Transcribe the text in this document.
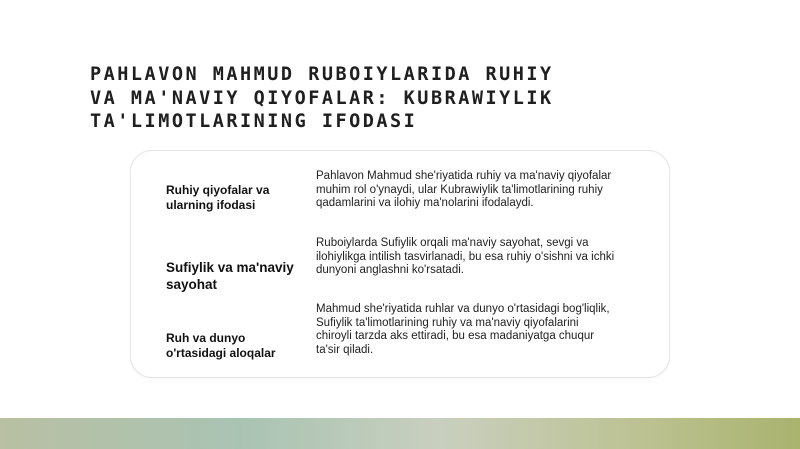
PAHLAVON MAHMUD RUBOIYLARIDA RUHIY
VA MA'NAVIY QIYOFALAR: KUBRAWIYLIK
TA'LIMOTLARINING IFODASI

Ruhiy qiyofalar va
ularning ifodasi

Pahlavon Mahmud she'riyatida ruhiy va ma'naviy qiyofalar
muhim rol o'ynaydi, ular Kubrawiylik ta'limotlarining ruhiy
qadamlarini va ilohiy ma'nolarini ifodalaydi.

Sufiylik va ma'naviy
sayohat

Ruboiylarda Sufiylik orqali ma'naviy sayohat, sevgi va
ilohiylikga intilish tasvirlanadi, bu esa ruhiy o'sishni va ichki
dunyoni anglashni ko'rsatadi.

Ruh va dunyo
o'rtasidagi aloqalar

Mahmud she'riyatida ruhlar va dunyo o'rtasidagi bog'liqlik,
Sufiylik ta'limotlarining ruhiy va ma'naviy qiyofalarini
chiroyli tarzda aks ettiradi, bu esa madaniyatga chuqur
ta'sir qiladi.
